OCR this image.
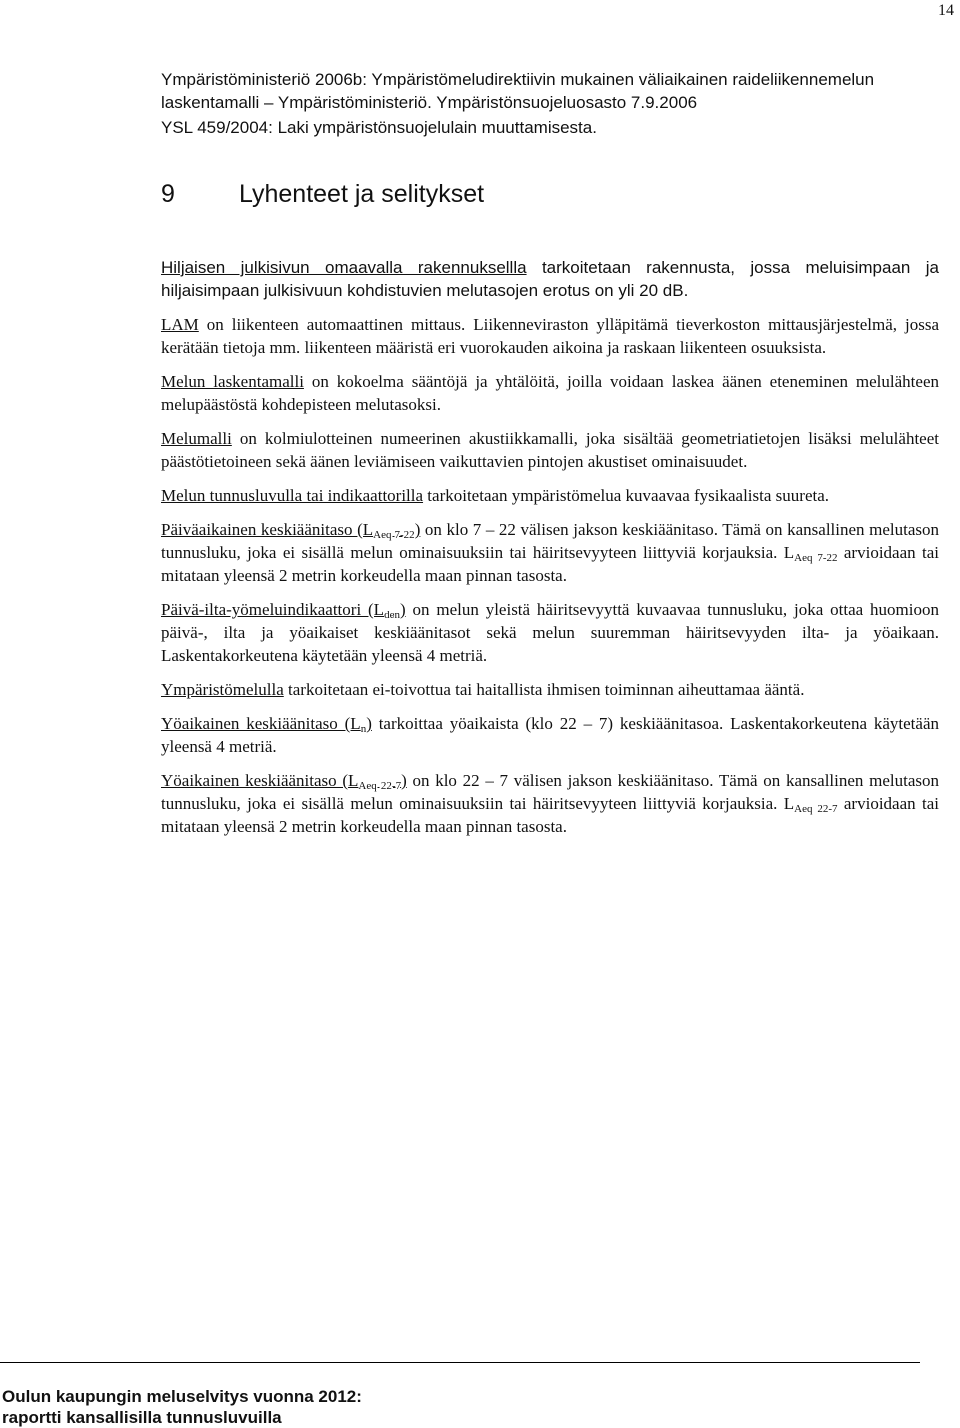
14

Ympäristöministeriö 2006b: Ympäristömeludirektiivin mukainen väliaikainen raideliikennemelun laskentamalli – Ympäristöministeriö. Ympäristönsuojeluosasto 7.9.2006

YSL 459/2004: Laki ympäristönsuojelulain muuttamisesta.

9	Lyhenteet ja selitykset

Hiljaisen julkisivun omaavalla rakennuksellla tarkoitetaan rakennusta, jossa meluisimpaan ja hiljaisimpaan julkisivuun kohdistuvien melutasojen erotus on yli 20 dB.

LAM on liikenteen automaattinen mittaus. Liikenneviraston ylläpitämä tieverkoston mittausjärjestelmä, jossa kerätään tietoja mm. liikenteen määristä eri vuorokauden aikoina ja raskaan liikenteen osuuksista.

Melun laskentamalli on kokoelma sääntöjä ja yhtälöitä, joilla voidaan laskea äänen eteneminen melulähteen melupäästöstä kohdepisteen melutasoksi.

Melumalli on kolmiulotteinen numeerinen akustiikkamalli, joka sisältää geometriatietojen lisäksi melulähteet päästötietoineen sekä äänen leviämiseen vaikuttavien pintojen akustiset ominaisuudet.

Melun tunnusluvulla tai indikaattorilla tarkoitetaan ympäristömelua kuvaavaa fysikaalista suureta.

Päiväaikainen keskiäänitaso $(L_{Aeq 7-22})$ on klo 7 – 22 välisen jakson keskiäänitaso. Tämä on kansallinen melutason tunnusluku, joka ei sisällä melun ominaisuuksiin tai häiritsevyyteen liittyviä korjauksia. $L_{Aeq 7-22}$ arvioidaan tai mitataan yleensä 2 metrin korkeudella maan pinnan tasosta.

Päivä-ilta-yömeluindikaattori $(L_{den})$ on melun yleistä häiritsevyyttä kuvaavaa tunnusluku, joka ottaa huomioon päivä-, ilta ja yöaikaiset keskiäänitasot sekä melun suuremman häiritsevyyden ilta- ja yöaikaan. Laskentakorkeutena käytetään yleensä 4 metriä.

Ympäristömelulla tarkoitetaan ei-toivottua tai haitallista ihmisen toiminnan aiheuttamaa ääntä.

Yöaikainen keskiäänitaso $(L_n)$ tarkoittaa yöaikaista (klo 22 – 7) keskiäänitasoa. Laskentakorkeutena käytetään yleensä 4 metriä.

Yöaikainen keskiäänitaso $(L_{Aeq 22-7})$ on klo 22 – 7 välisen jakson keskiäänitaso. Tämä on kansallinen melutason tunnusluku, joka ei sisällä melun ominaisuuksiin tai häiritsevyyteen liittyviä korjauksia. $L_{Aeq 22-7}$ arvioidaan tai mitataan yleensä 2 metrin korkeudella maan pinnan tasosta.

Oulun kaupungin meluselvitys vuonna 2012:
raportti kansallisilla tunnusluvuilla
